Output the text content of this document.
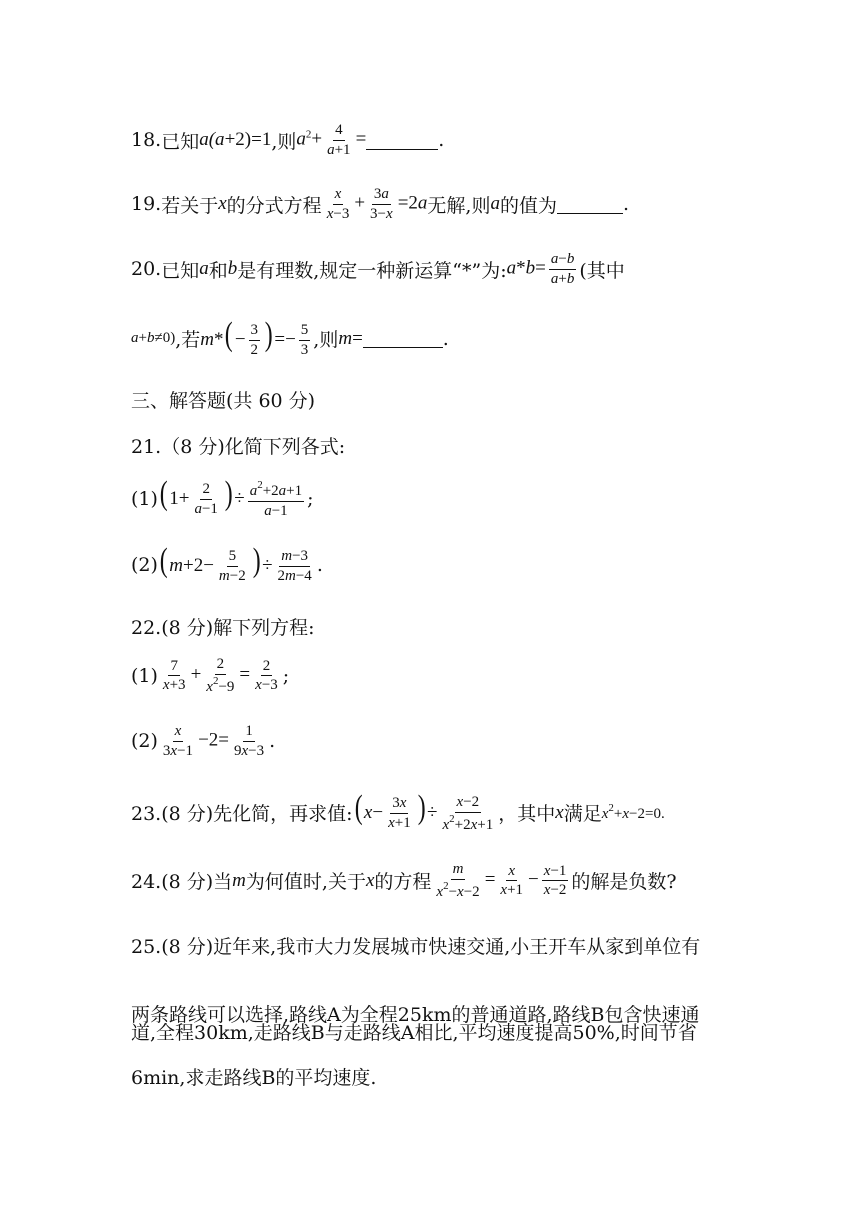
18. 已知 a(a+2)=1 ,则 $a^2+ \frac{4}{a+1}$ =	.
19. 若关于 x 的分式方程 $\frac{x}{x-3} + \frac{3a}{3-x} =2a$ 无解,则 a 的值为	.
20. 已知 a 和 b 是有理数,规定一种新运算“*”为: $a*b= \frac{a-b}{a+b}$ (其中
a+b≠0) ,若 $m*(- \frac{3}{2}$ )=− $\frac{5}{3}$ ,则 m=	.
三、解答题(共 60 分)
21.（8 分)化简下列各式:
(1) ($1+ \frac{2}{a-1}$ )÷ $\frac{a^2+2a+1}{a-1}$ ;
(2) ($m+2- \frac{5}{m-2}$ )÷ $\frac{m-3}{2m-4}$ .
22.(8 分)解下列方程:
$(1) \frac{7}{x+3} + \frac{2}{x^2-9} = \frac{2}{x-3}$ ;
$(2) \frac{x}{3x-1} -2= \frac{1}{9x-3}$ .
23.(8 分)先化简，再求值: ($x- \frac{3x}{x+1}$ )÷ $\frac{x-2}{x^2+2x+1}$ ，其中 x 满足 $x^2+x-2=0$.
24.(8 分)当 m 为何值时,关于 x 的方程 $\frac{m}{x^2-x-2} = \frac{x}{x+1} - \frac{x-1}{x-2}$ 的解是负数?
25.(8 分)近年来,我市大力发展城市快速交通,小王开车从家到单位有
两条路线可以选择,路线A为全程25km的普通道路,路线B包含快速通
道,全程30km,走路线B与走路线A相比,平均速度提高50%,时间节省
6min,求走路线B的平均速度.
